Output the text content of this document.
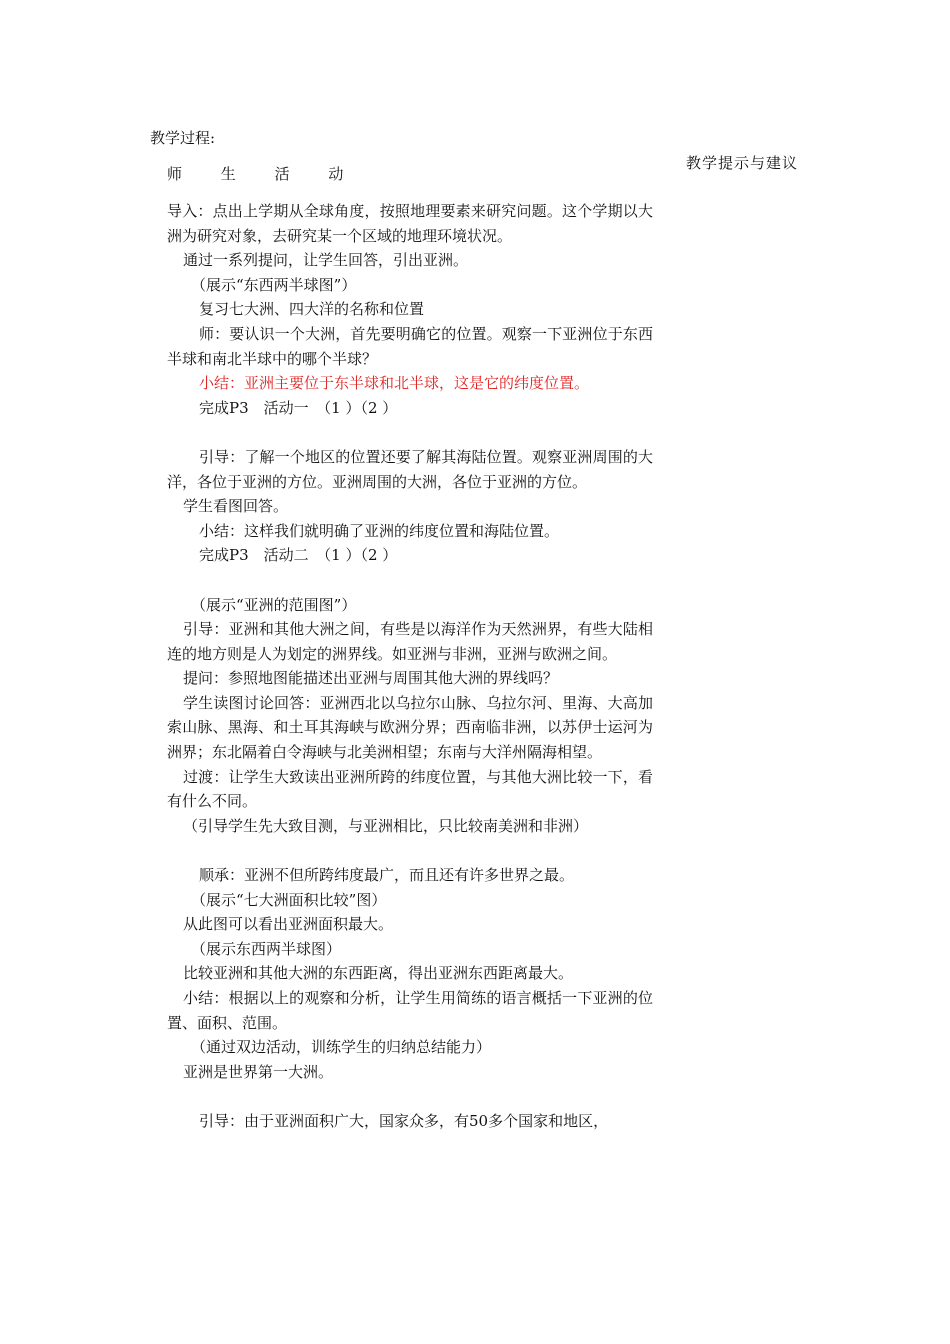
教学过程:
师	生	活	动
教学提示与建议

导入：点出上学期从全球角度，按照地理要素来研究问题。这个学期以大洲为研究对象，去研究某一个区域的地理环境状况。

通过一系列提问，让学生回答，引出亚洲。

（展示“东西两半球图”）

复习七大洲、四大洋的名称和位置

师：要认识一个大洲，首先要明确它的位置。观察一下亚洲位于东西半球和南北半球中的哪个半球？

小结：亚洲主要位于东半球和北半球，这是它的纬度位置。

完成P3　活动一　（1 ）（2 ）

引导：了解一个地区的位置还要了解其海陆位置。观察亚洲周围的大洋，各位于亚洲的方位。亚洲周围的大洲，各位于亚洲的方位。

学生看图回答。

小结：这样我们就明确了亚洲的纬度位置和海陆位置。

完成P3　活动二　（1 ）（2 ）

（展示“亚洲的范围图”）

引导：亚洲和其他大洲之间，有些是以海洋作为天然洲界，有些大陆相连的地方则是人为划定的洲界线。如亚洲与非洲，亚洲与欧洲之间。

提问：参照地图能描述出亚洲与周围其他大洲的界线吗？

学生读图讨论回答：亚洲西北以乌拉尔山脉、乌拉尔河、里海、大高加索山脉、黑海、和土耳其海峡与欧洲分界；西南临非洲，以苏伊士运河为洲界；东北隔着白令海峡与北美洲相望；东南与大洋州隔海相望。

过渡：让学生大致读出亚洲所跨的纬度位置，与其他大洲比较一下，看有什么不同。

（引导学生先大致目测，与亚洲相比，只比较南美洲和非洲）

顺承：亚洲不但所跨纬度最广，而且还有许多世界之最。

（展示“七大洲面积比较”图）

从此图可以看出亚洲面积最大。

（展示东西两半球图）

比较亚洲和其他大洲的东西距离，得出亚洲东西距离最大。

小结：根据以上的观察和分析，让学生用简练的语言概括一下亚洲的位置、面积、范围。

（通过双边活动，训练学生的归纳总结能力）

亚洲是世界第一大洲。

引导：由于亚洲面积广大，国家众多，有50多个国家和地区，
